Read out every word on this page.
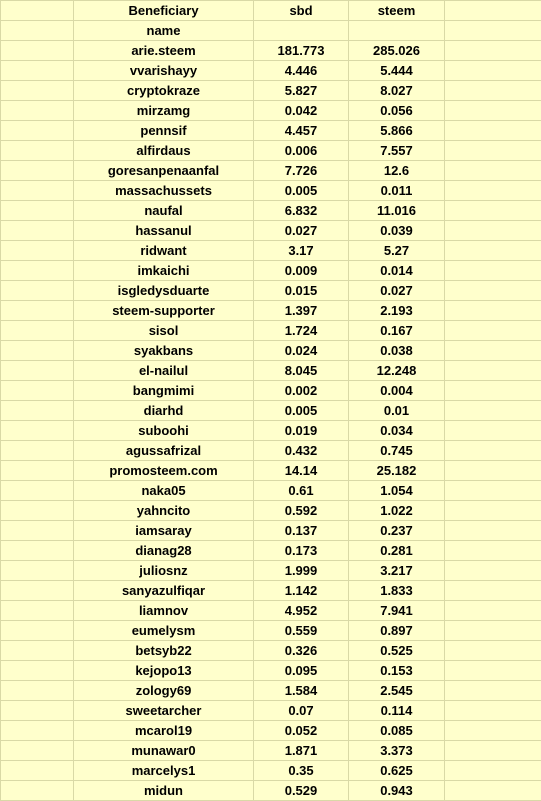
	Beneficiary	sbd	steem	
	name			
	arie.steem	181.773	285.026	
	vvarishayy	4.446	5.444	
	cryptokraze	5.827	8.027	
	mirzamg	0.042	0.056	
	pennsif	4.457	5.866	
	alfirdaus	0.006	7.557	
	goresanpenaanfal	7.726	12.6	
	massachussets	0.005	0.011	
	naufal	6.832	11.016	
	hassanul	0.027	0.039	
	ridwant	3.17	5.27	
	imkaichi	0.009	0.014	
	isgledysduarte	0.015	0.027	
	steem-supporter	1.397	2.193	
	sisol	1.724	0.167	
	syakbans	0.024	0.038	
	el-nailul	8.045	12.248	
	bangmimi	0.002	0.004	
	diarhd	0.005	0.01	
	suboohi	0.019	0.034	
	agussafrizal	0.432	0.745	
	promosteem.com	14.14	25.182	
	naka05	0.61	1.054	
	yahncito	0.592	1.022	
	iamsaray	0.137	0.237	
	dianag28	0.173	0.281	
	juliosnz	1.999	3.217	
	sanyazulfiqar	1.142	1.833	
	liamnov	4.952	7.941	
	eumelysm	0.559	0.897	
	betsyb22	0.326	0.525	
	kejopo13	0.095	0.153	
	zology69	1.584	2.545	
	sweetarcher	0.07	0.114	
	mcarol19	0.052	0.085	
	munawar0	1.871	3.373	
	marcelys1	0.35	0.625	
	midun	0.529	0.943	
